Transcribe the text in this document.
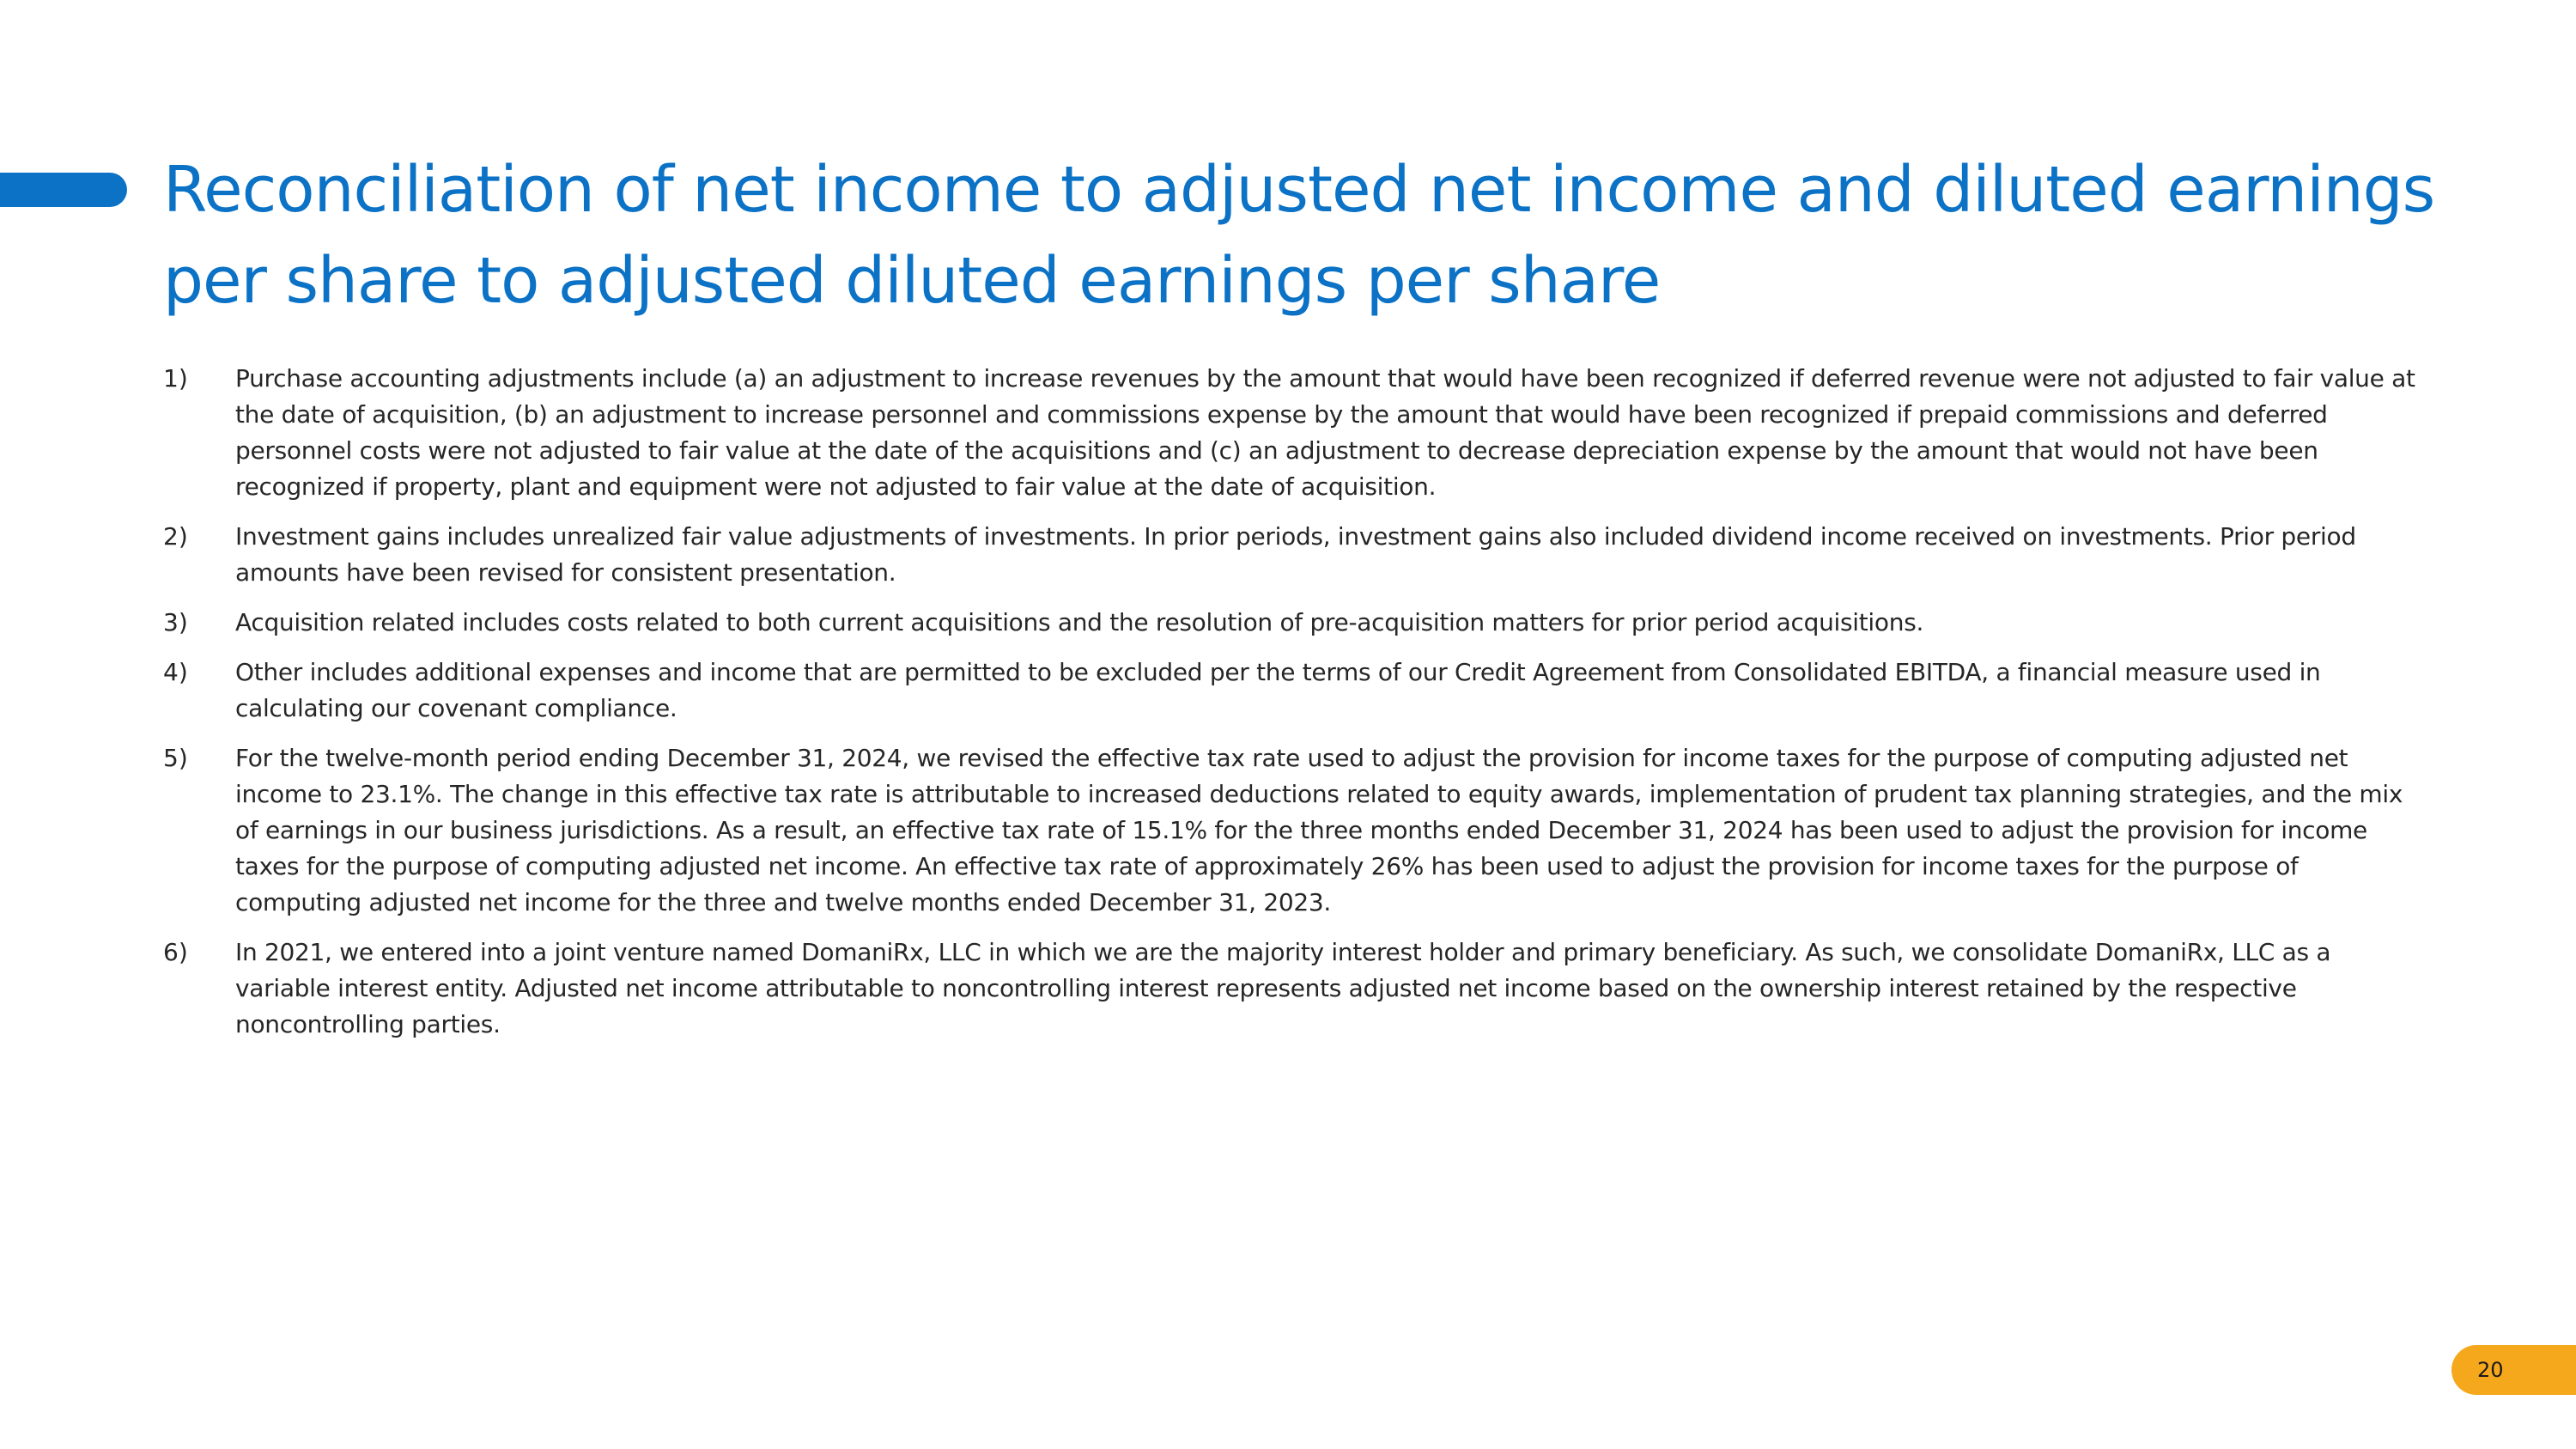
Reconciliation of net income to adjusted net income and diluted earnings per share to adjusted diluted earnings per share
1)	Purchase accounting adjustments include (a) an adjustment to increase revenues by the amount that would have been recognized if deferred revenue were not adjusted to fair value at the date of acquisition, (b) an adjustment to increase personnel and commissions expense by the amount that would have been recognized if prepaid commissions and deferred personnel costs were not adjusted to fair value at the date of the acquisitions and (c) an adjustment to decrease depreciation expense by the amount that would not have been recognized if property, plant and equipment were not adjusted to fair value at the date of acquisition.
2)	Investment gains includes unrealized fair value adjustments of investments. In prior periods, investment gains also included dividend income received on investments. Prior period amounts have been revised for consistent presentation.
3)	Acquisition related includes costs related to both current acquisitions and the resolution of pre-acquisition matters for prior period acquisitions.
4)	Other includes additional expenses and income that are permitted to be excluded per the terms of our Credit Agreement from Consolidated EBITDA, a financial measure used in calculating our covenant compliance.
5)	For the twelve-month period ending December 31, 2024, we revised the effective tax rate used to adjust the provision for income taxes for the purpose of computing adjusted net income to 23.1%. The change in this effective tax rate is attributable to increased deductions related to equity awards, implementation of prudent tax planning strategies, and the mix of earnings in our business jurisdictions. As a result, an effective tax rate of 15.1% for the three months ended December 31, 2024 has been used to adjust the provision for income taxes for the purpose of computing adjusted net income. An effective tax rate of approximately 26% has been used to adjust the provision for income taxes for the purpose of computing adjusted net income for the three and twelve months ended December 31, 2023.
6)	In 2021, we entered into a joint venture named DomaniRx, LLC in which we are the majority interest holder and primary beneficiary. As such, we consolidate DomaniRx, LLC as a variable interest entity. Adjusted net income attributable to noncontrolling interest represents adjusted net income based on the ownership interest retained by the respective noncontrolling parties.
20
